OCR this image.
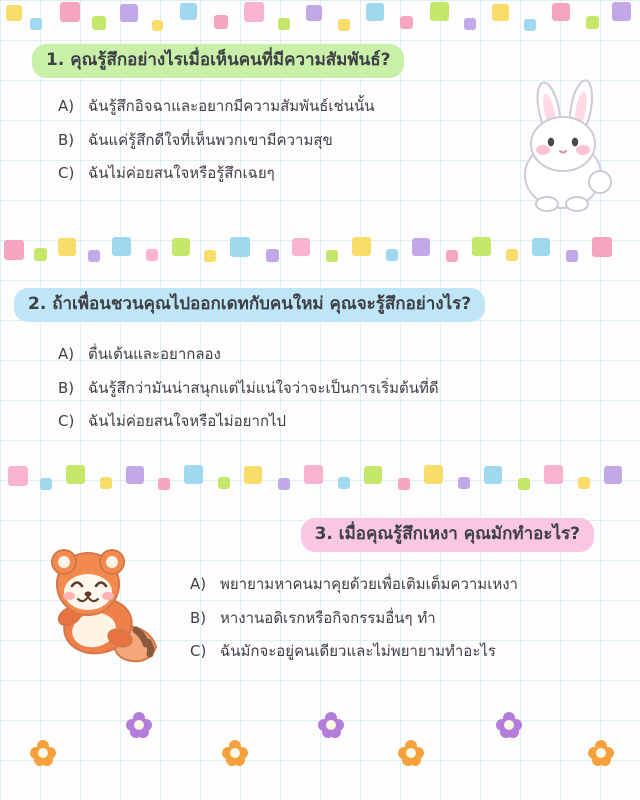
1. คุณรู้สึกอย่างไรเมื่อเห็นคนที่มีความสัมพันธ์?
A) ฉันรู้สึกอิจฉาและอยากมีความสัมพันธ์เช่นนั้น
B) ฉันแค่รู้สึกดีใจที่เห็นพวกเขามีความสุข
C) ฉันไม่ค่อยสนใจหรือรู้สึกเฉยๆ
2. ถ้าเพื่อนชวนคุณไปออกเดทกับคนใหม่ คุณจะรู้สึกอย่างไร?
A) ตื่นเต้นและอยากลอง
B) ฉันรู้สึกว่ามันน่าสนุกแต่ไม่แน่ใจว่าจะเป็นการเริ่มต้นที่ดี
C) ฉันไม่ค่อยสนใจหรือไม่อยากไป
3. เมื่อคุณรู้สึกเหงา คุณมักทำอะไร?
A) พยายามหาคนมาคุยด้วยเพื่อเติมเต็มความเหงา
B) หางานอดิเรกหรือกิจกรรมอื่นๆ ทำ
C) ฉันมักจะอยู่คนเดียวและไม่พยายามทำอะไร
